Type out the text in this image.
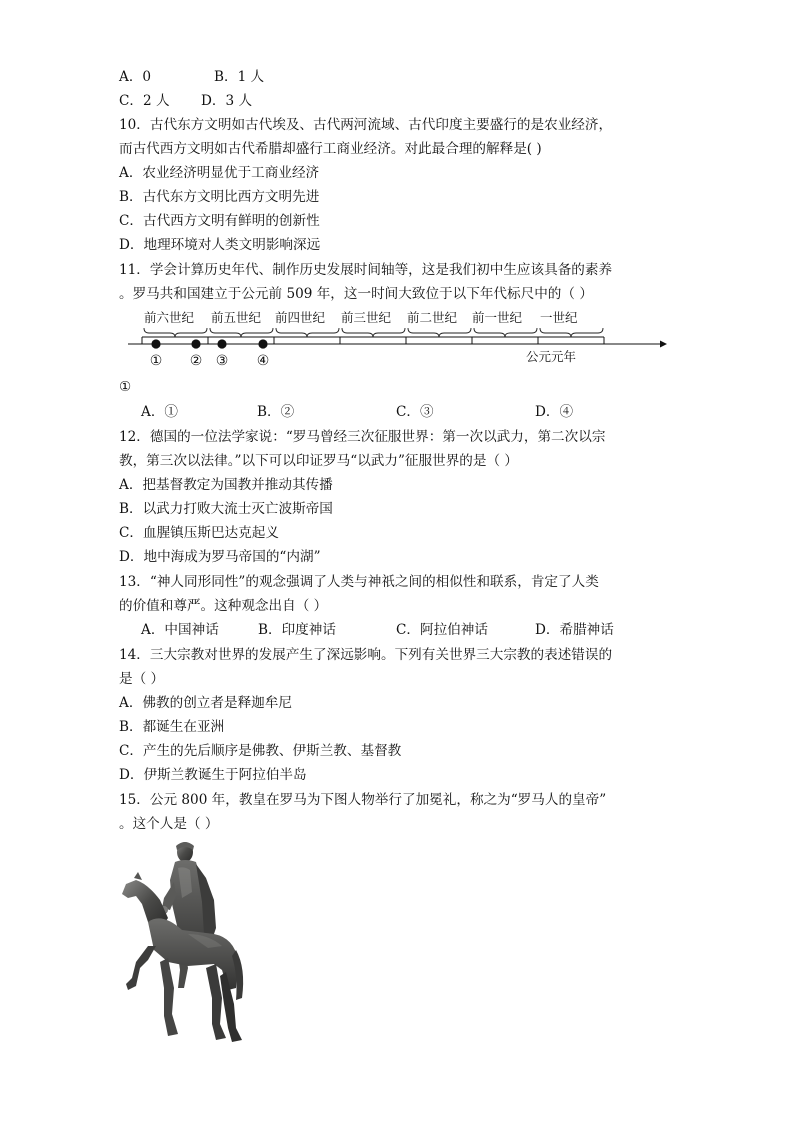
A．0	B．1 人
C．2 人 D．3 人
10．古代东方文明如古代埃及、古代两河流域、古代印度主要盛行的是农业经济，
而古代西方文明如古代希腊却盛行工商业经济。对此最合理的解释是( )
A．农业经济明显优于工商业经济
B．古代东方文明比西方文明先进
C．古代西方文明有鲜明的创新性
D．地理环境对人类文明影响深远
11．学会计算历史年代、制作历史发展时间轴等，这是我们初中生应该具备的素养
。罗马共和国建立于公元前 509 年，这一时间大致位于以下年代标尺中的（ ）
前六世纪 前五世纪 前四世纪 前三世纪 前二世纪 前一世纪 一世纪
① ② ③ ④	公元元年
①
A．①	B．②	C．③	D．④
12．德国的一位法学家说：“罗马曾经三次征服世界：第一次以武力，第二次以宗
教，第三次以法律。”以下可以印证罗马“以武力”征服世界的是（ ）
A．把基督教定为国教并推动其传播
B．以武力打败大流士灭亡波斯帝国
C．血腥镇压斯巴达克起义
D．地中海成为罗马帝国的“内湖”
13．“神人同形同性”的观念强调了人类与神祇之间的相似性和联系，肯定了人类
的价值和尊严。这种观念出自（ ）
A．中国神话	B．印度神话	C．阿拉伯神话	D．希腊神话
14．三大宗教对世界的发展产生了深远影响。下列有关世界三大宗教的表述错误的
是（ ）
A．佛教的创立者是释迦牟尼
B．都诞生在亚洲
C．产生的先后顺序是佛教、伊斯兰教、基督教
D．伊斯兰教诞生于阿拉伯半岛
15．公元 800 年，教皇在罗马为下图人物举行了加冕礼，称之为“罗马人的皇帝”
。这个人是（ ）
